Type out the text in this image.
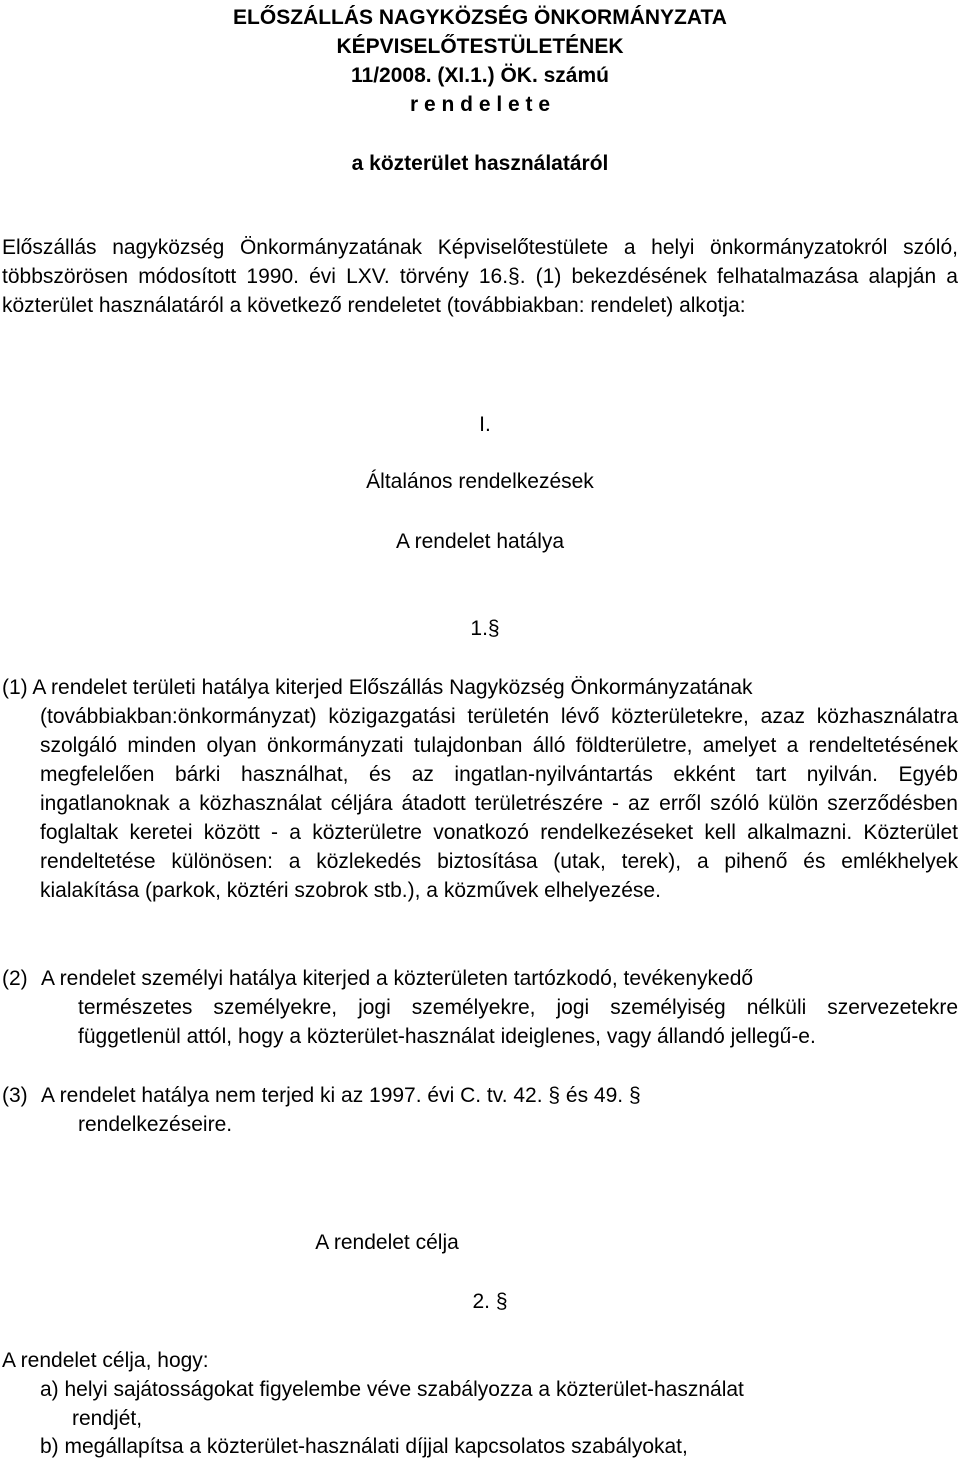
ELŐSZÁLLÁS NAGYKÖZSÉG ÖNKORMÁNYZATA
KÉPVISELŐTESTÜLETÉNEK
11/2008. (XI.1.) ÖK. számú
r e n d e l e t e
a közterület használatáról
Előszállás nagyközség Önkormányzatának Képviselőtestülete a helyi önkormányzatokról szóló, többszörösen módosított 1990. évi LXV. törvény 16.§. (1) bekezdésének felhatalmazása alapján a közterület használatáról a következő rendeletet (továbbiakban: rendelet) alkotja:
I.
Általános rendelkezések
A rendelet hatálya
1.§
(1) A rendelet területi hatálya kiterjed Előszállás Nagyközség Önkormányzatának
(továbbiakban:önkormányzat) közigazgatási területén lévő közterületekre, azaz közhasználatra szolgáló minden olyan önkormányzati tulajdonban álló földterületre, amelyet a rendeltetésének megfelelően bárki használhat, és az ingatlan-nyilvántartás ekként tart nyilván. Egyéb ingatlanoknak a közhasználat céljára átadott területrészére - az erről szóló külön szerződésben foglaltak keretei között - a közterületre vonatkozó rendelkezéseket kell alkalmazni. Közterület rendeltetése különösen: a közlekedés biztosítása (utak, terek), a pihenő és emlékhelyek kialakítása (parkok, köztéri szobrok stb.), a közművek elhelyezése.
(2) A rendelet személyi hatálya kiterjed a közterületen tartózkodó, tevékenykedő
természetes személyekre, jogi személyekre, jogi személyiség nélküli szervezetekre függetlenül attól, hogy a közterület-használat ideiglenes, vagy állandó jellegű-e.
(3) A rendelet hatálya nem terjed ki az 1997. évi C. tv. 42. § és 49. §
rendelkezéseire.
A rendelet célja
2. §
A rendelet célja, hogy:
a) helyi sajátosságokat figyelembe véve szabályozza a közterület-használat
rendjét,
b) megállapítsa a közterület-használati díjjal kapcsolatos szabályokat,
